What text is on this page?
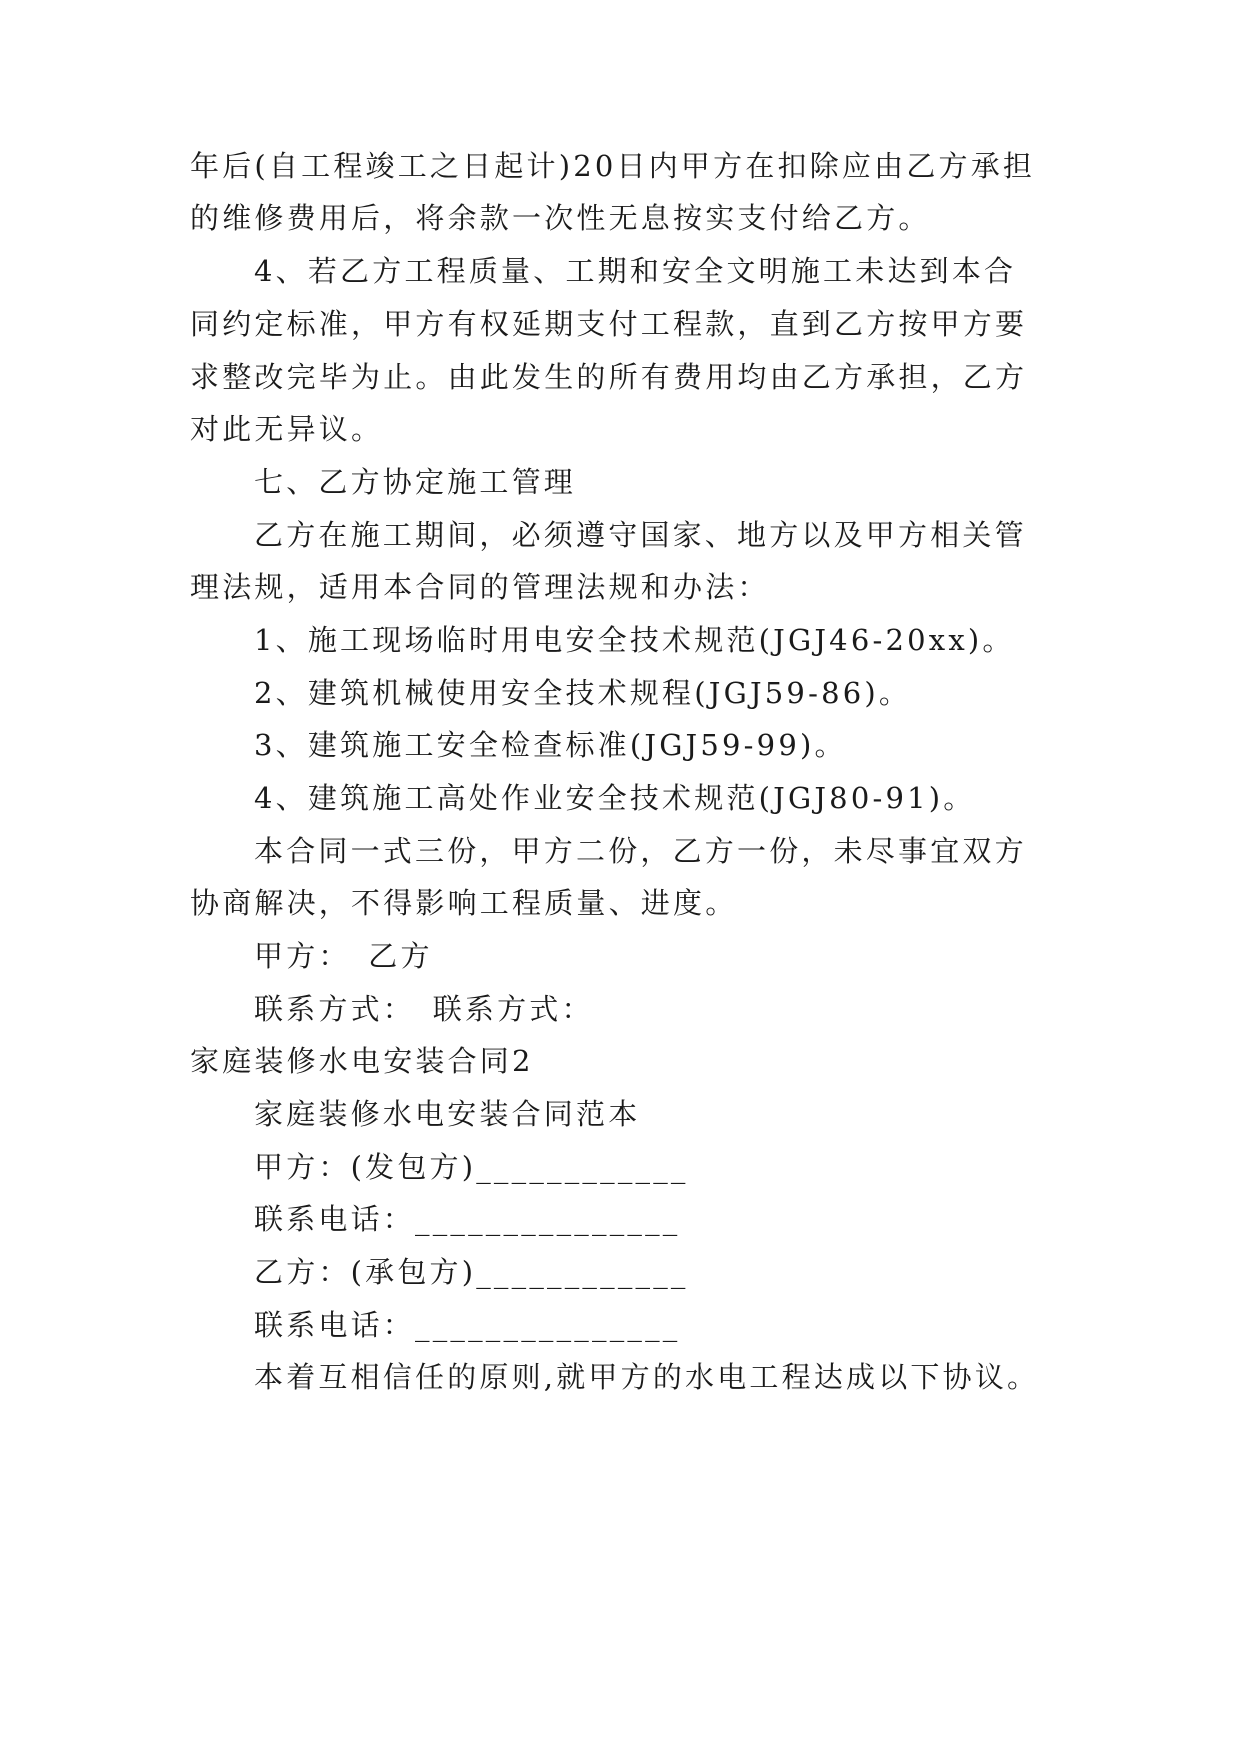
年后(自工程竣工之日起计)20日内甲方在扣除应由乙方承担
的维修费用后，将余款一次性无息按实支付给乙方。
4、若乙方工程质量、工期和安全文明施工未达到本合
同约定标准，甲方有权延期支付工程款，直到乙方按甲方要
求整改完毕为止。由此发生的所有费用均由乙方承担，乙方
对此无异议。
七、乙方协定施工管理
乙方在施工期间，必须遵守国家、地方以及甲方相关管
理法规，适用本合同的管理法规和办法：
1、施工现场临时用电安全技术规范(JGJ46-20xx)。
2、建筑机械使用安全技术规程(JGJ59-86)。
3、建筑施工安全检查标准(JGJ59-99)。
4、建筑施工高处作业安全技术规范(JGJ80-91)。
本合同一式三份，甲方二份，乙方一份，未尽事宜双方
协商解决，不得影响工程质量、进度。
甲方：　乙方
联系方式：　联系方式：
家庭装修水电安装合同2
家庭装修水电安装合同范本
甲方：(发包方)____________
联系电话：_______________
乙方：(承包方)____________
联系电话：_______________
本着互相信任的原则,就甲方的水电工程达成以下协议。
